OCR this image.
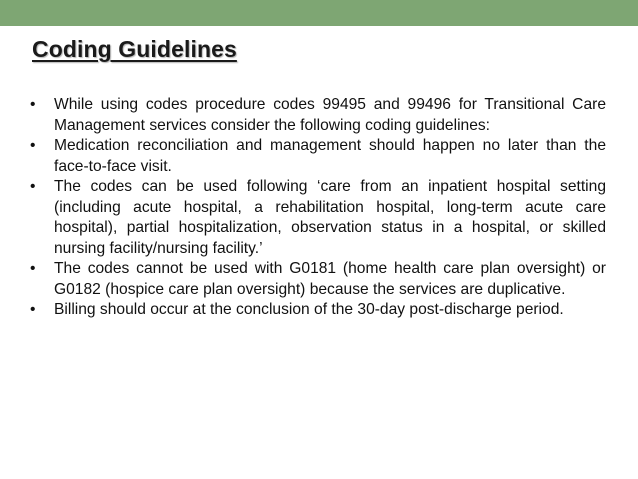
Coding Guidelines
•	While using codes procedure codes 99495 and 99496 for Transitional Care Management services consider the following coding guidelines:
•	Medication reconciliation and management should happen no later than the face-to-face visit.
•	The codes can be used following ‘care from an inpatient hospital setting (including acute hospital, a rehabilitation hospital, long-term acute care hospital), partial hospitalization, observation status in a hospital, or skilled nursing facility/nursing facility.’
•	The codes cannot be used with G0181 (home health care plan oversight) or G0182 (hospice care plan oversight) because the services are duplicative.
•	Billing should occur at the conclusion of the 30-day post-discharge period.
